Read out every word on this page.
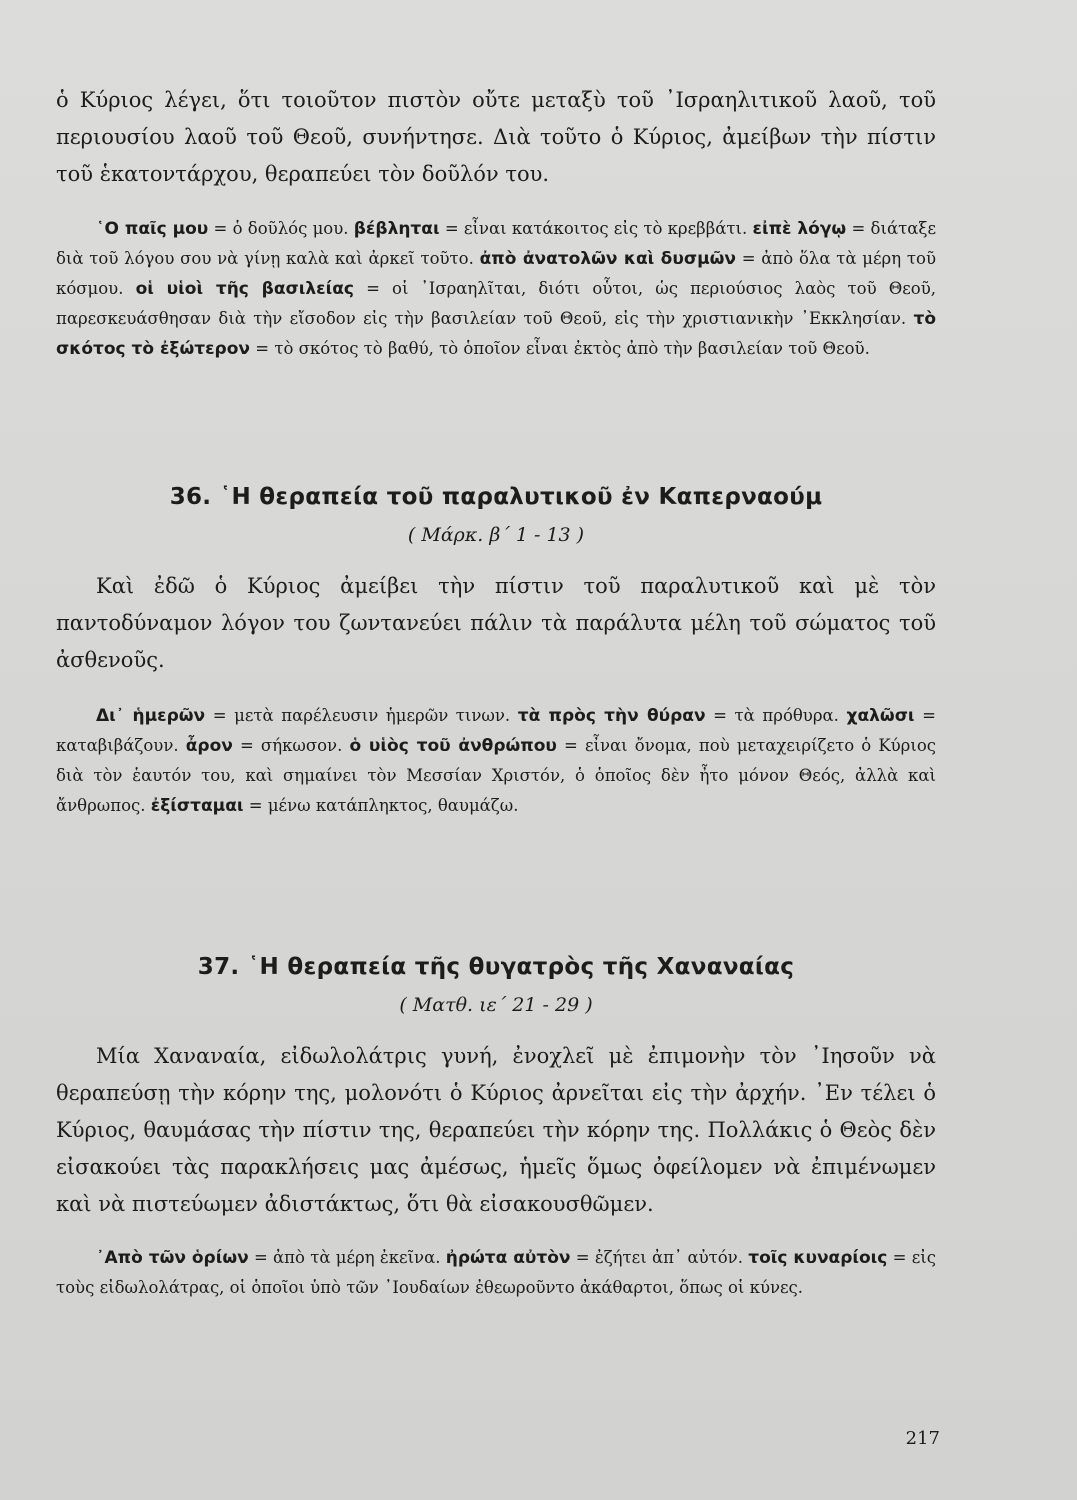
ὁ Κύριος λέγει, ὅτι τοιοῦτον πιστὸν οὔτε μεταξὺ τοῦ ᾿Ισραηλιτικοῦ λαοῦ, τοῦ περιουσίου λαοῦ τοῦ Θεοῦ, συνήντησε. Διὰ τοῦτο ὁ Κύριος, ἀμείβων τὴν πίστιν τοῦ ἑκατοντάρχου, θεραπεύει τὸν δοῦλόν του.

῾Ο παῖς μου = ὁ δοῦλός μου. βέβληται = εἶναι κατάκοιτος εἰς τὸ κρεββάτι. εἰπὲ λόγῳ = διάταξε διὰ τοῦ λόγου σου νὰ γίνῃ καλὰ καὶ ἀρκεῖ τοῦτο. ἀπὸ ἀνατολῶν καὶ δυσμῶν = ἀπὸ ὅλα τὰ μέρη τοῦ κόσμου. οἱ υἱοὶ τῆς βασιλείας = οἱ ᾿Ισραηλῖται, διότι οὗτοι, ὡς περιούσιος λαὸς τοῦ Θεοῦ, παρεσκευάσθησαν διὰ τὴν εἴσοδον εἰς τὴν βασιλείαν τοῦ Θεοῦ, εἰς τὴν χριστιανικὴν ᾿Εκκλησίαν. τὸ σκότος τὸ ἐξώτερον = τὸ σκότος τὸ βαθύ, τὸ ὁποῖον εἶναι ἐκτὸς ἀπὸ τὴν βασιλείαν τοῦ Θεοῦ.

36. ῾Η θεραπεία τοῦ παραλυτικοῦ ἐν Καπερναούμ

( Μάρκ. β΄ 1 - 13 )

Καὶ ἐδῶ ὁ Κύριος ἀμείβει τὴν πίστιν τοῦ παραλυτικοῦ καὶ μὲ τὸν παντοδύναμον λόγον του ζωντανεύει πάλιν τὰ παράλυτα μέλη τοῦ σώματος τοῦ ἀσθενοῦς.

Δι᾿ ἡμερῶν = μετὰ παρέλευσιν ἡμερῶν τινων. τὰ πρὸς τὴν θύραν = τὰ πρόθυρα. χαλῶσι = καταβιβάζουν. ἆρον = σήκωσον. ὁ υἱὸς τοῦ ἀνθρώπου = εἶναι ὄνομα, ποὺ μεταχειρίζετο ὁ Κύριος διὰ τὸν ἑαυτόν του, καὶ σημαίνει τὸν Μεσσίαν Χριστόν, ὁ ὁποῖος δὲν ἦτο μόνον Θεός, ἀλλὰ καὶ ἄνθρωπος. ἐξίσταμαι = μένω κατάπληκτος, θαυμάζω.

37. ῾Η θεραπεία τῆς θυγατρὸς τῆς Χαναναίας

( Ματθ. ιε΄ 21 - 29 )

Μία Χαναναία, εἰδωλολάτρις γυνή, ἐνοχλεῖ μὲ ἐπιμονὴν τὸν ᾿Ιησοῦν νὰ θεραπεύσῃ τὴν κόρην της, μολονότι ὁ Κύριος ἀρνεῖται εἰς τὴν ἀρχήν. ᾿Εν τέλει ὁ Κύριος, θαυμάσας τὴν πίστιν της, θεραπεύει τὴν κόρην της. Πολλάκις ὁ Θεὸς δὲν εἰσακούει τὰς παρακλήσεις μας ἀμέσως, ἡμεῖς ὅμως ὀφείλομεν νὰ ἐπιμένωμεν καὶ νὰ πιστεύωμεν ἀδιστάκτως, ὅτι θὰ εἰσακουσθῶμεν.

᾿Απὸ τῶν ὁρίων = ἀπὸ τὰ μέρη ἐκεῖνα. ἠρώτα αὐτὸν = ἐζήτει ἀπ᾿ αὐτόν. τοῖς κυναρίοις = εἰς τοὺς εἰδωλολάτρας, οἱ ὁποῖοι ὑπὸ τῶν ᾿Ιουδαίων ἐθεωροῦντο ἀκάθαρτοι, ὅπως οἱ κύνες.

217
